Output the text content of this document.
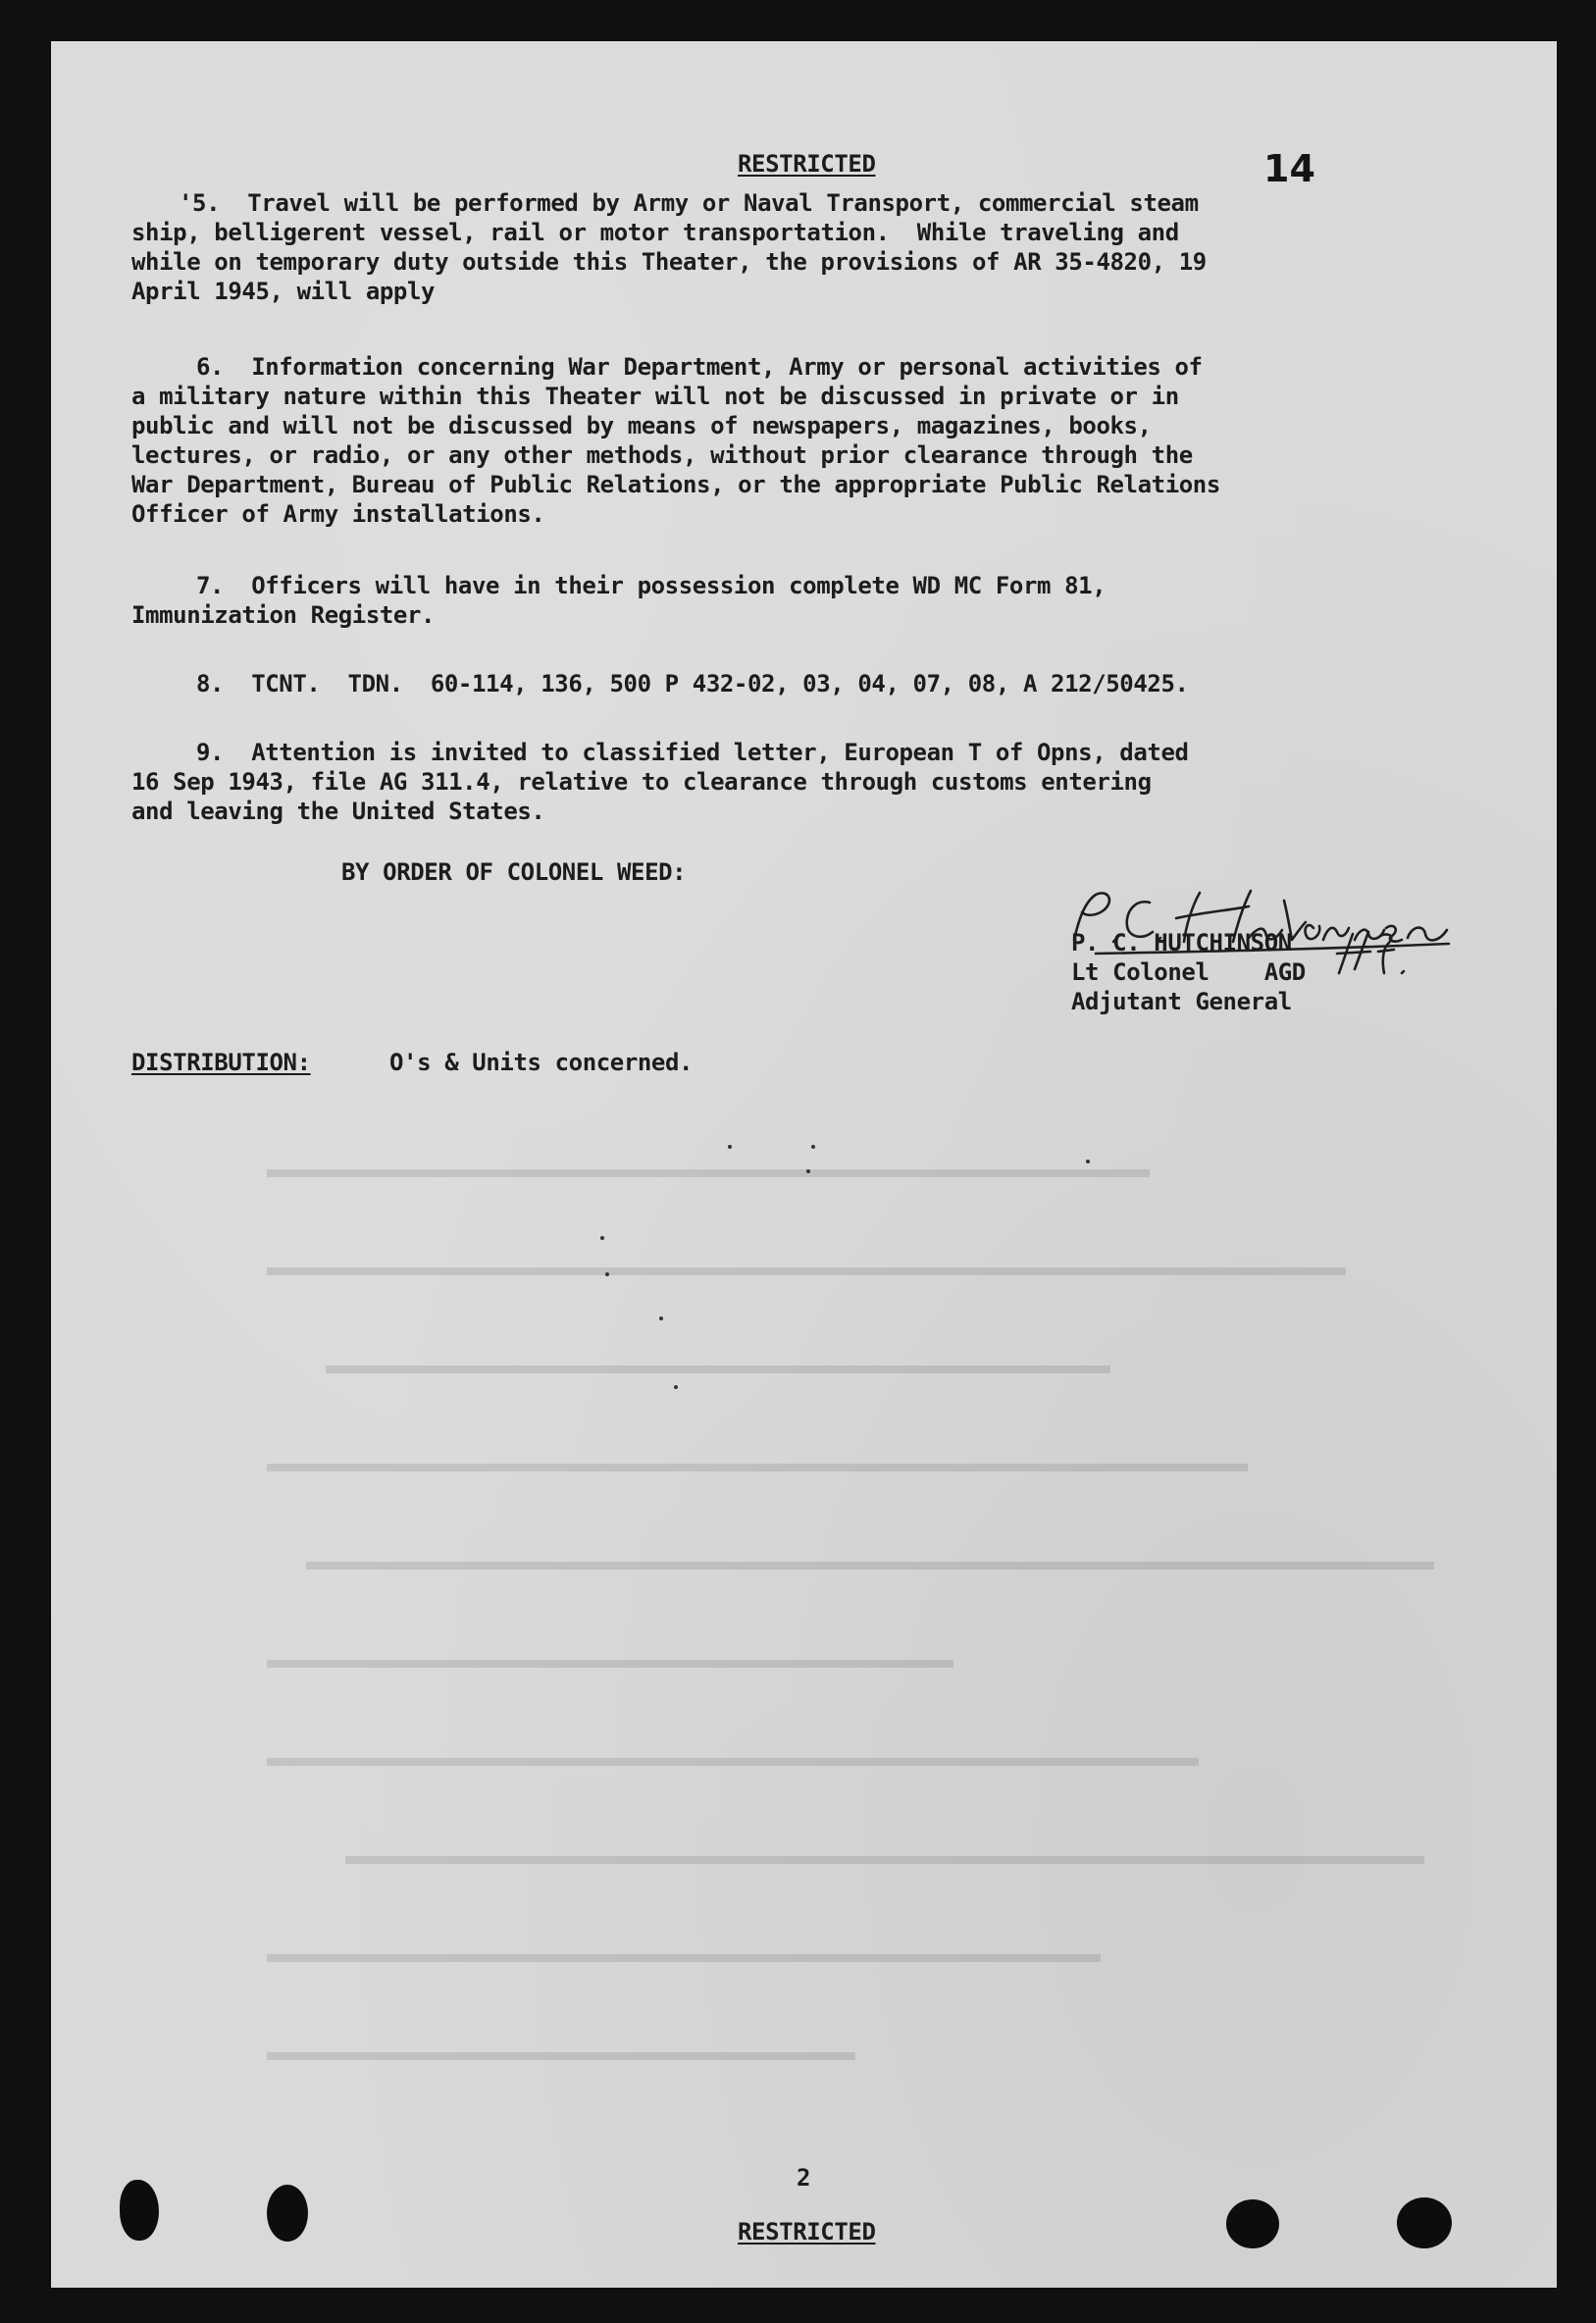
RESTRICTED	14
'5.  Travel will be performed by Army or Naval Transport, commercial steam
ship, belligerent vessel, rail or motor transportation.  While traveling and
while on temporary duty outside this Theater, the provisions of AR 35-4820, 19
April 1945, will apply
6.  Information concerning War Department, Army or personal activities of
a military nature within this Theater will not be discussed in private or in
public and will not be discussed by means of newspapers, magazines, books,
lectures, or radio, or any other methods, without prior clearance through the
War Department, Bureau of Public Relations, or the appropriate Public Relations
Officer of Army installations.
7.  Officers will have in their possession complete WD MC Form 81,
Immunization Register.
8.  TCNT.  TDN.  60-114, 136, 500 P 432-02, 03, 04, 07, 08, A 212/50425.
9.  Attention is invited to classified letter, European T of Opns, dated
16 Sep 1943, file AG 311.4, relative to clearance through customs entering
and leaving the United States.
BY ORDER OF COLONEL WEED:
P. C. HUTCHINSON
Lt Colonel    AGD
Adjutant General
DISTRIBUTION:	O's & Units concerned.
2
RESTRICTED
